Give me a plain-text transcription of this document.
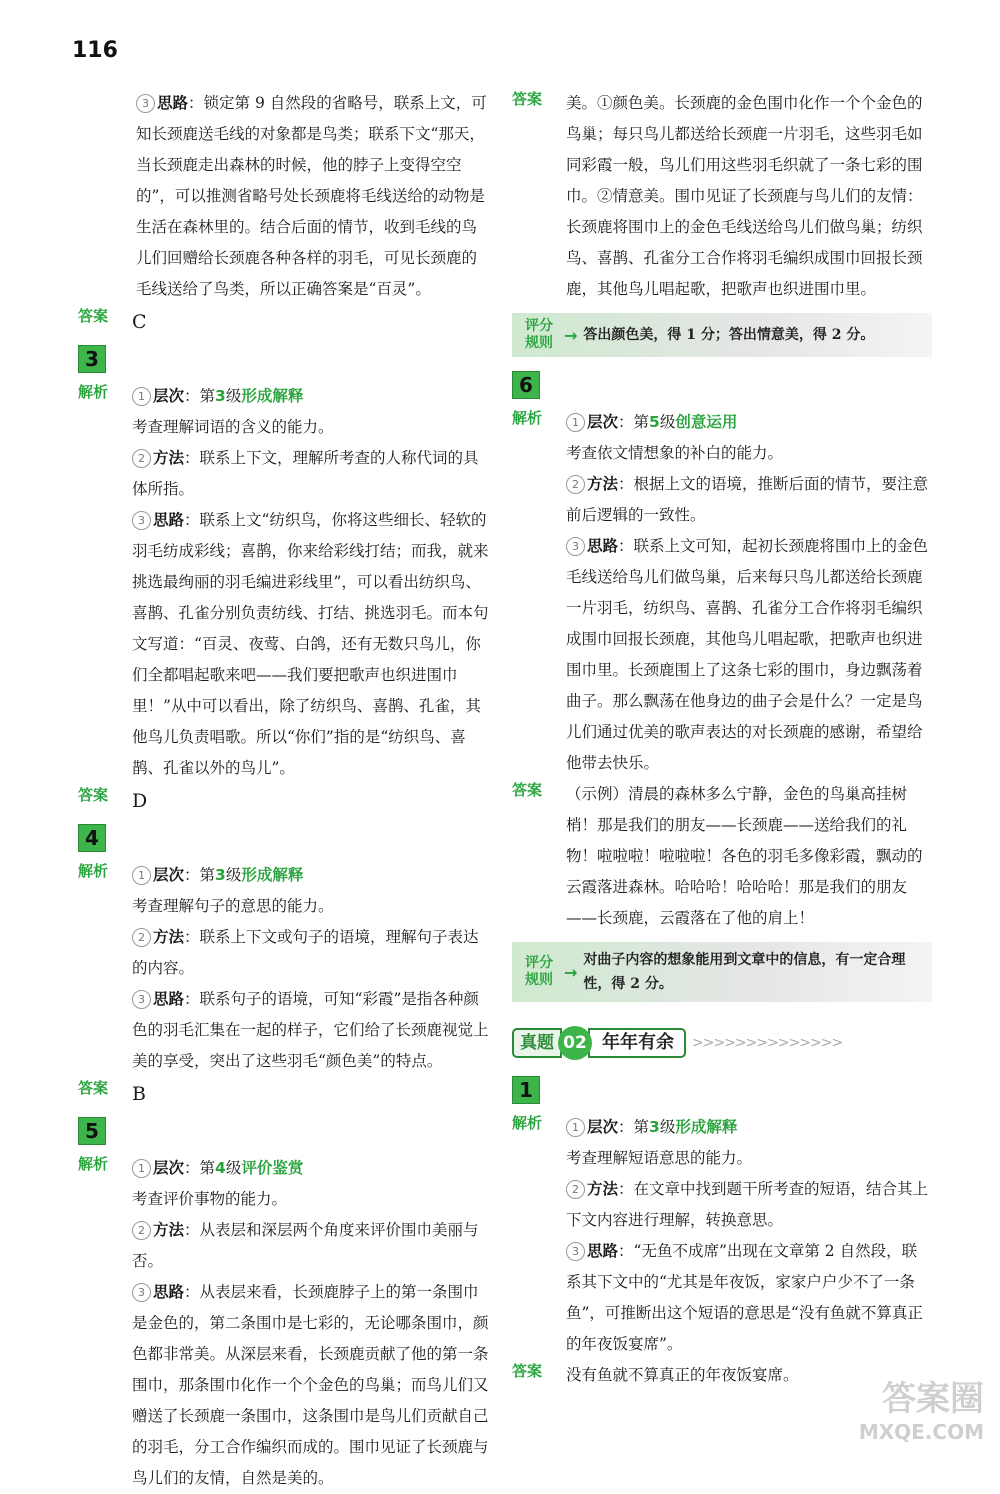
116

3 思路：锁定第 9 自然段的省略号，联系上文，可知长颈鹿送毛线的对象都是鸟类；联系下文“那天，当长颈鹿走出森林的时候，他的脖子上变得空空的”，可以推测省略号处长颈鹿将毛线送给的动物是生活在森林里的。结合后面的情节，收到毛线的鸟儿们回赠给长颈鹿各种各样的羽毛，可见长颈鹿的毛线送给了鸟类，所以正确答案是“百灵”。

答案	C
3
解析	1 层次：第3级形成解释

考查理解词语的含义的能力。

2 方法：联系上下文，理解所考查的人称代词的具体所指。

3 思路：联系上文“纺织鸟，你将这些细长、轻软的羽毛纺成彩线；喜鹊，你来给彩线打结；而我，就来挑选最绚丽的羽毛编进彩线里”，可以看出纺织鸟、喜鹊、孔雀分别负责纺线、打结、挑选羽毛。而本句文写道：“百灵、夜莺、白鸽，还有无数只鸟儿，你们全都唱起歌来吧——我们要把歌声也织进围巾里！”从中可以看出，除了纺织鸟、喜鹊、孔雀，其他鸟儿负责唱歌。所以“你们”指的是“纺织鸟、喜鹊、孔雀以外的鸟儿”。

答案	D
4
解析	1 层次：第3级形成解释

考查理解句子的意思的能力。

2 方法：联系上下文或句子的语境，理解句子表达的内容。

3 思路：联系句子的语境，可知“彩霞”是指各种颜色的羽毛汇集在一起的样子，它们给了长颈鹿视觉上美的享受，突出了这些羽毛“颜色美”的特点。

答案	B
5
解析	1 层次：第4级评价鉴赏

考查评价事物的能力。

2 方法：从表层和深层两个角度来评价围巾美丽与否。

3 思路：从表层来看，长颈鹿脖子上的第一条围巾是金色的，第二条围巾是七彩的，无论哪条围巾，颜色都非常美。从深层来看，长颈鹿贡献了他的第一条围巾，那条围巾化作一个个金色的鸟巢；而鸟儿们又赠送了长颈鹿一条围巾，这条围巾是鸟儿们贡献自己的羽毛，分工合作编织而成的。围巾见证了长颈鹿与鸟儿们的友情，自然是美的。

答案	美。①颜色美。长颈鹿的金色围巾化作一个个金色的鸟巢；每只鸟儿都送给长颈鹿一片羽毛，这些羽毛如同彩霞一般，鸟儿们用这些羽毛织就了一条七彩的围巾。②情意美。围巾见证了长颈鹿与鸟儿们的友情：长颈鹿将围巾上的金色毛线送给鸟儿们做鸟巢；纺织鸟、喜鹊、孔雀分工合作将羽毛编织成围巾回报长颈鹿，其他鸟儿唱起歌，把歌声也织进围巾里。

评分
规则 → 答出颜色美，得 1 分；答出情意美，得 2 分。
6
解析	1 层次：第5级创意运用

考查依文情想象的补白的能力。

2 方法：根据上文的语境，推断后面的情节，要注意前后逻辑的一致性。

3 思路：联系上文可知，起初长颈鹿将围巾上的金色毛线送给鸟儿们做鸟巢，后来每只鸟儿都送给长颈鹿一片羽毛，纺织鸟、喜鹊、孔雀分工合作将羽毛编织成围巾回报长颈鹿，其他鸟儿唱起歌，把歌声也织进围巾里。长颈鹿围上了这条七彩的围巾，身边飘荡着曲子。那么飘荡在他身边的曲子会是什么？一定是鸟儿们通过优美的歌声表达的对长颈鹿的感谢，希望给他带去快乐。

答案	（示例）清晨的森林多么宁静，金色的鸟巢高挂树梢！那是我们的朋友——长颈鹿——送给我们的礼物！啦啦啦！啦啦啦！各色的羽毛多像彩霞，飘动的云霞落进森林。哈哈哈！哈哈哈！那是我们的朋友——长颈鹿，云霞落在了他的肩上！

评分
规则 →
对曲子内容的想象能用到文章中的信息，有一定合理性，得 2 分。
真题 02 年年有余	>>>>>>>>>>>>>>
1
解析	1 层次：第3级形成解释

考查理解短语意思的能力。

2 方法：在文章中找到题干所考查的短语，结合其上下文内容进行理解，转换意思。

3 思路：“无鱼不成席”出现在文章第 2 自然段，联系其下文中的“尤其是年夜饭，家家户户少不了一条鱼”，可推断出这个短语的意思是“没有鱼就不算真正的年夜饭宴席”。

答案	没有鱼就不算真正的年夜饭宴席。

答案圈
MXQE.COM
